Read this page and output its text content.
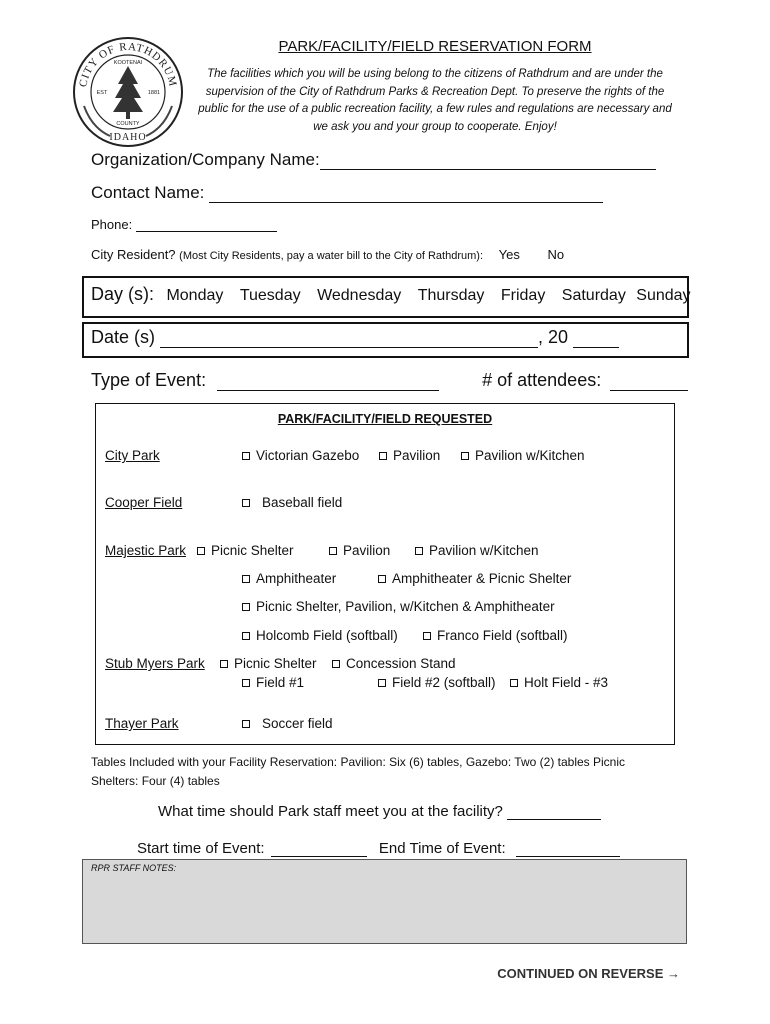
CITY OF RATHDRUM
KOOTENAI
EST	1881
COUNTY
IDAHO
PARK/FACILITY/FIELD RESERVATION FORM
The facilities which you will be using belong to the citizens of Rathdrum and are under the supervision of the City of Rathdrum Parks & Recreation Dept. To preserve the rights of the public for the use of a public recreation facility, a few rules and regulations are necessary and we ask you and your group to cooperate. Enjoy!
Organization/Company Name:
Contact Name:
Phone:
City Resident? (Most City Residents, pay a water bill to the City of Rathdrum): Yes No
Day (s): Monday Tuesday Wednesday Thursday Friday Saturday Sunday
Date (s)	, 20
Type of Event:	# of attendees:
PARK/FACILITY/FIELD REQUESTED
City Park	Victorian Gazebo	Pavilion	Pavilion w/Kitchen
Cooper Field	Baseball field
Majestic Park	Picnic Shelter	Pavilion	Pavilion w/Kitchen
Amphitheater	Amphitheater & Picnic Shelter
Picnic Shelter, Pavilion, w/Kitchen & Amphitheater
Holcomb Field (softball)	Franco Field (softball)
Stub Myers Park	Picnic Shelter	Concession Stand
Field #1	Field #2 (softball)	Holt Field - #3
Thayer Park	Soccer field
Tables Included with your Facility Reservation: Pavilion: Six (6) tables, Gazebo: Two (2) tables Picnic Shelters: Four (4) tables
What time should Park staff meet you at the facility?
Start time of Event:	End Time of Event:
RPR STAFF NOTES:
CONTINUED ON REVERSE →
